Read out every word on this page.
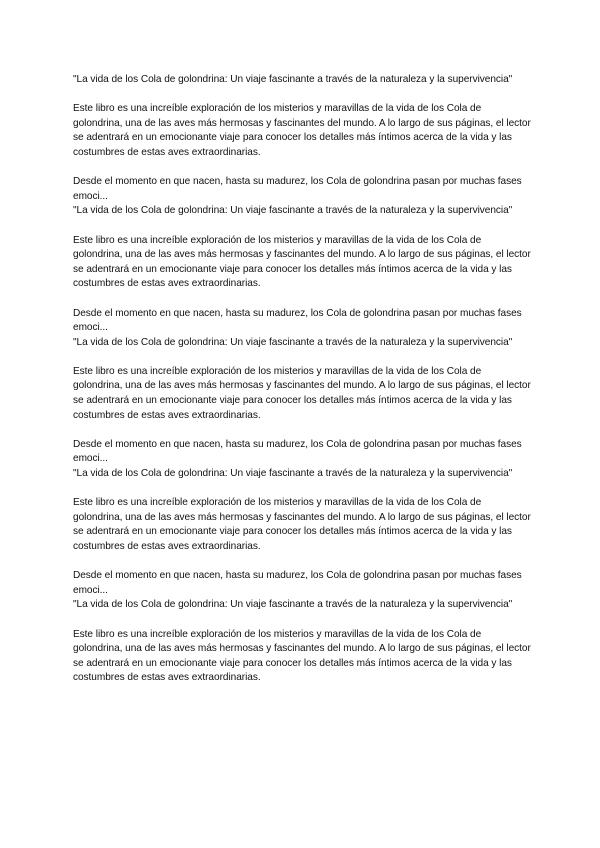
"La vida de los Cola de golondrina: Un viaje fascinante a través de la naturaleza y la supervivencia"

Este libro es una increíble exploración de los misterios y maravillas de la vida de los Cola de golondrina, una de las aves más hermosas y fascinantes del mundo. A lo largo de sus páginas, el lector se adentrará en un emocionante viaje para conocer los detalles más íntimos acerca de la vida y las costumbres de estas aves extraordinarias.

Desde el momento en que nacen, hasta su madurez, los Cola de golondrina pasan por muchas fases emoci...

"La vida de los Cola de golondrina: Un viaje fascinante a través de la naturaleza y la supervivencia"

Este libro es una increíble exploración de los misterios y maravillas de la vida de los Cola de golondrina, una de las aves más hermosas y fascinantes del mundo. A lo largo de sus páginas, el lector se adentrará en un emocionante viaje para conocer los detalles más íntimos acerca de la vida y las costumbres de estas aves extraordinarias.

Desde el momento en que nacen, hasta su madurez, los Cola de golondrina pasan por muchas fases emoci...

"La vida de los Cola de golondrina: Un viaje fascinante a través de la naturaleza y la supervivencia"

Este libro es una increíble exploración de los misterios y maravillas de la vida de los Cola de golondrina, una de las aves más hermosas y fascinantes del mundo. A lo largo de sus páginas, el lector se adentrará en un emocionante viaje para conocer los detalles más íntimos acerca de la vida y las costumbres de estas aves extraordinarias.

Desde el momento en que nacen, hasta su madurez, los Cola de golondrina pasan por muchas fases emoci...

"La vida de los Cola de golondrina: Un viaje fascinante a través de la naturaleza y la supervivencia"

Este libro es una increíble exploración de los misterios y maravillas de la vida de los Cola de golondrina, una de las aves más hermosas y fascinantes del mundo. A lo largo de sus páginas, el lector se adentrará en un emocionante viaje para conocer los detalles más íntimos acerca de la vida y las costumbres de estas aves extraordinarias.

Desde el momento en que nacen, hasta su madurez, los Cola de golondrina pasan por muchas fases emoci...

"La vida de los Cola de golondrina: Un viaje fascinante a través de la naturaleza y la supervivencia"

Este libro es una increíble exploración de los misterios y maravillas de la vida de los Cola de golondrina, una de las aves más hermosas y fascinantes del mundo. A lo largo de sus páginas, el lector se adentrará en un emocionante viaje para conocer los detalles más íntimos acerca de la vida y las costumbres de estas aves extraordinarias.
